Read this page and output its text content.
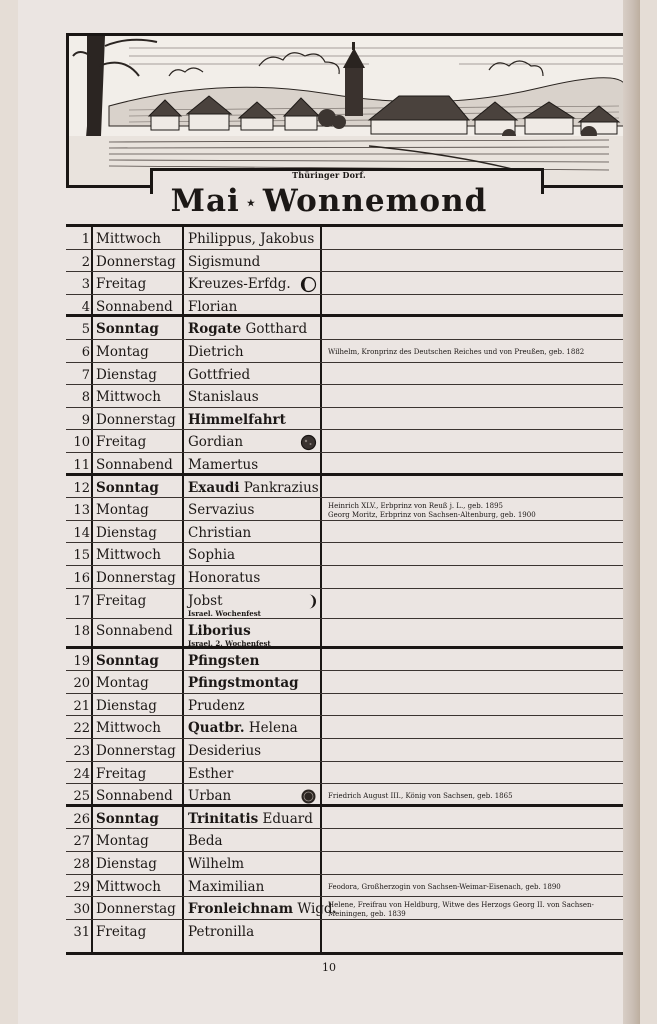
Thüringer Dorf.
Mai ⋆ Wonnemond
1 Mittwoch	Philippus, Jakobus
2 Donnerstag Sigismund
3 Freitag	Kreuzes-Erfdg.
4 Sonnabend	Florian
5 Sonntag	Rogate Gotthard
6 Montag	Dietrich	Wilhelm, Kronprinz des Deutschen Reiches und von Preußen, geb. 1882
7 Dienstag	Gottfried
8 Mittwoch	Stanislaus
9 Donnerstag Himmelfahrt
10 Freitag	Gordian
11 Sonnabend	Mamertus
12 Sonntag	Exaudi Pankrazius
13 Montag	Servazius	Heinrich XLV., Erbprinz von Reuß j. L., geb. 1895
Georg Moritz, Erbprinz von Sachsen-Altenburg, geb. 1900
14 Dienstag	Christian
15 Mittwoch	Sophia
16 Donnerstag Honoratus
17 Freitag	Jobst
Israel. Wochenfest
18 Sonnabend	Liborius
Israel. 2. Wochenfest
19 Sonntag	Pfingsten
20 Montag	Pfingstmontag
21 Dienstag	Prudenz
22 Mittwoch	Quatbr. Helena
23 Donnerstag Desiderius
24 Freitag	Esther
25 Sonnabend	Urban	Friedrich August III., König von Sachsen, geb. 1865
26 Sonntag	Trinitatis Eduard
27 Montag	Beda
28 Dienstag	Wilhelm
29 Mittwoch	Maximilian	Feodora, Großherzogin von Sachsen-Weimar-Eisenach, geb. 1890
30 Donnerstag Fronleichnam Wigd.
Helene, Freifrau von Heldburg, Witwe des Herzogs Georg II. von Sachsen-
Meiningen, geb. 1839
31 Freitag	Petronilla
10
